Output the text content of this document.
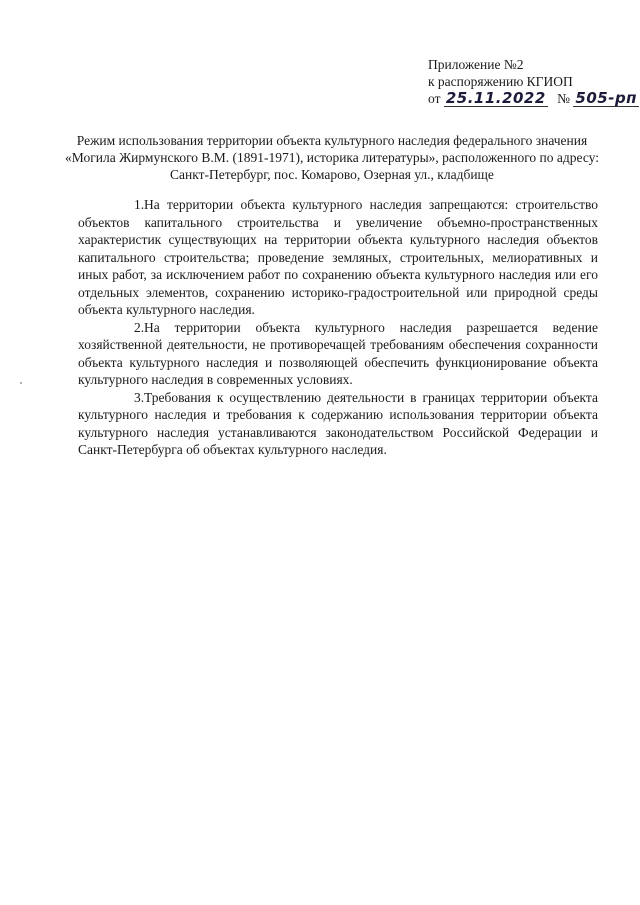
Приложение №2
к распоряжению КГИОП
от 25.11.2022 № 505-рп
Режим использования территории объекта культурного наследия федерального значения
«Могила Жирмунского В.М. (1891-1971), историка литературы», расположенного по адресу:
Санкт-Петербург, пос. Комарово, Озерная ул., кладбище

1.На территории объекта культурного наследия запрещаются: строительство объектов капитального строительства и увеличение объемно-пространственных характеристик существующих на территории объекта культурного наследия объектов капитального строительства; проведение земляных, строительных, мелиоративных и иных работ, за исключением работ по сохранению объекта культурного наследия или его отдельных элементов, сохранению историко-градостроительной или природной среды объекта культурного наследия.

2.На территории объекта культурного наследия разрешается ведение хозяйственной деятельности, не противоречащей требованиям обеспечения сохранности объекта культурного наследия и позволяющей обеспечить функционирование объекта культурного наследия в современных условиях.

3.Требования к осуществлению деятельности в границах территории объекта культурного наследия и требования к содержанию использования территории объекта культурного наследия устанавливаются законодательством Российской Федерации и Санкт-Петербурга об объектах культурного наследия.
